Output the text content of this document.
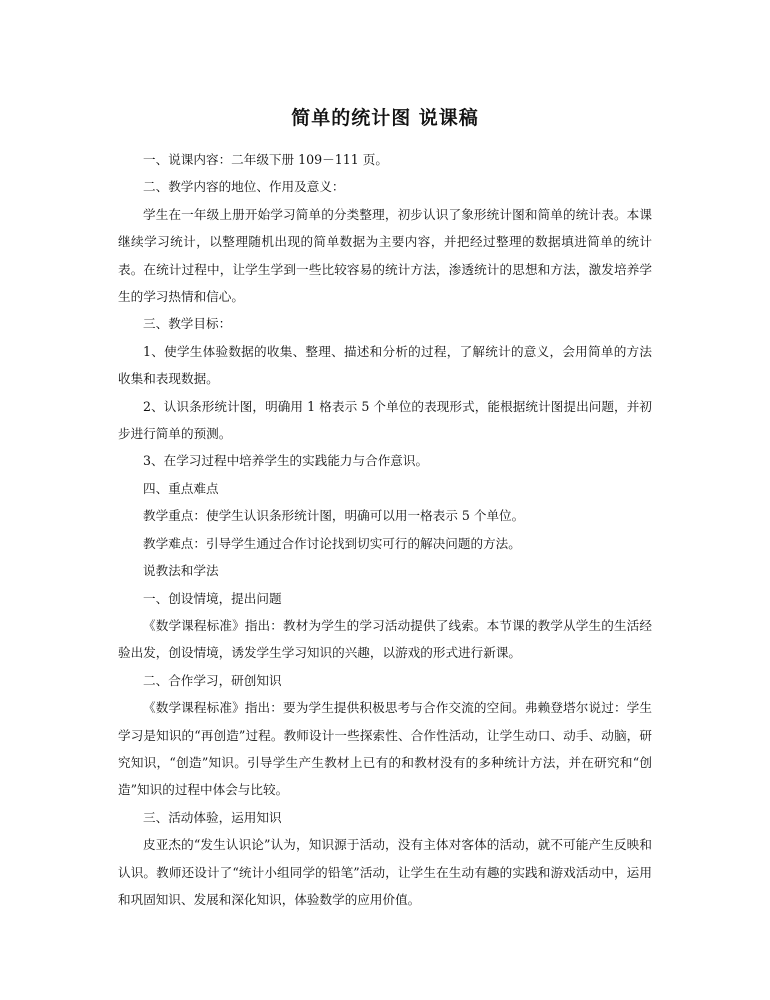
简单的统计图 说课稿

一、说课内容：二年级下册 109－111 页。

二、教学内容的地位、作用及意义：

学生在一年级上册开始学习简单的分类整理，初步认识了象形统计图和简单的统计表。本课继续学习统计，以整理随机出现的简单数据为主要内容，并把经过整理的数据填进简单的统计表。在统计过程中，让学生学到一些比较容易的统计方法，渗透统计的思想和方法，激发培养学生的学习热情和信心。

三、教学目标：

1、使学生体验数据的收集、整理、描述和分析的过程，了解统计的意义，会用简单的方法收集和表现数据。

2、认识条形统计图，明确用 1 格表示 5 个单位的表现形式，能根据统计图提出问题，并初步进行简单的预测。

3、在学习过程中培养学生的实践能力与合作意识。

四、重点难点

教学重点：使学生认识条形统计图，明确可以用一格表示 5 个单位。

教学难点：引导学生通过合作讨论找到切实可行的解决问题的方法。

说教法和学法

一、创设情境，提出问题

《数学课程标准》指出：教材为学生的学习活动提供了线索。本节课的教学从学生的生活经验出发，创设情境，诱发学生学习知识的兴趣，以游戏的形式进行新课。

二、合作学习，研创知识

《数学课程标准》指出：要为学生提供积极思考与合作交流的空间。弗赖登塔尔说过：学生学习是知识的“再创造”过程。教师设计一些探索性、合作性活动，让学生动口、动手、动脑，研究知识，“创造”知识。引导学生产生教材上已有的和教材没有的多种统计方法，并在研究和“创造”知识的过程中体会与比较。

三、活动体验，运用知识

皮亚杰的“发生认识论”认为，知识源于活动，没有主体对客体的活动，就不可能产生反映和认识。教师还设计了“统计小组同学的铅笔”活动，让学生在生动有趣的实践和游戏活动中，运用和巩固知识、发展和深化知识，体验数学的应用价值。
